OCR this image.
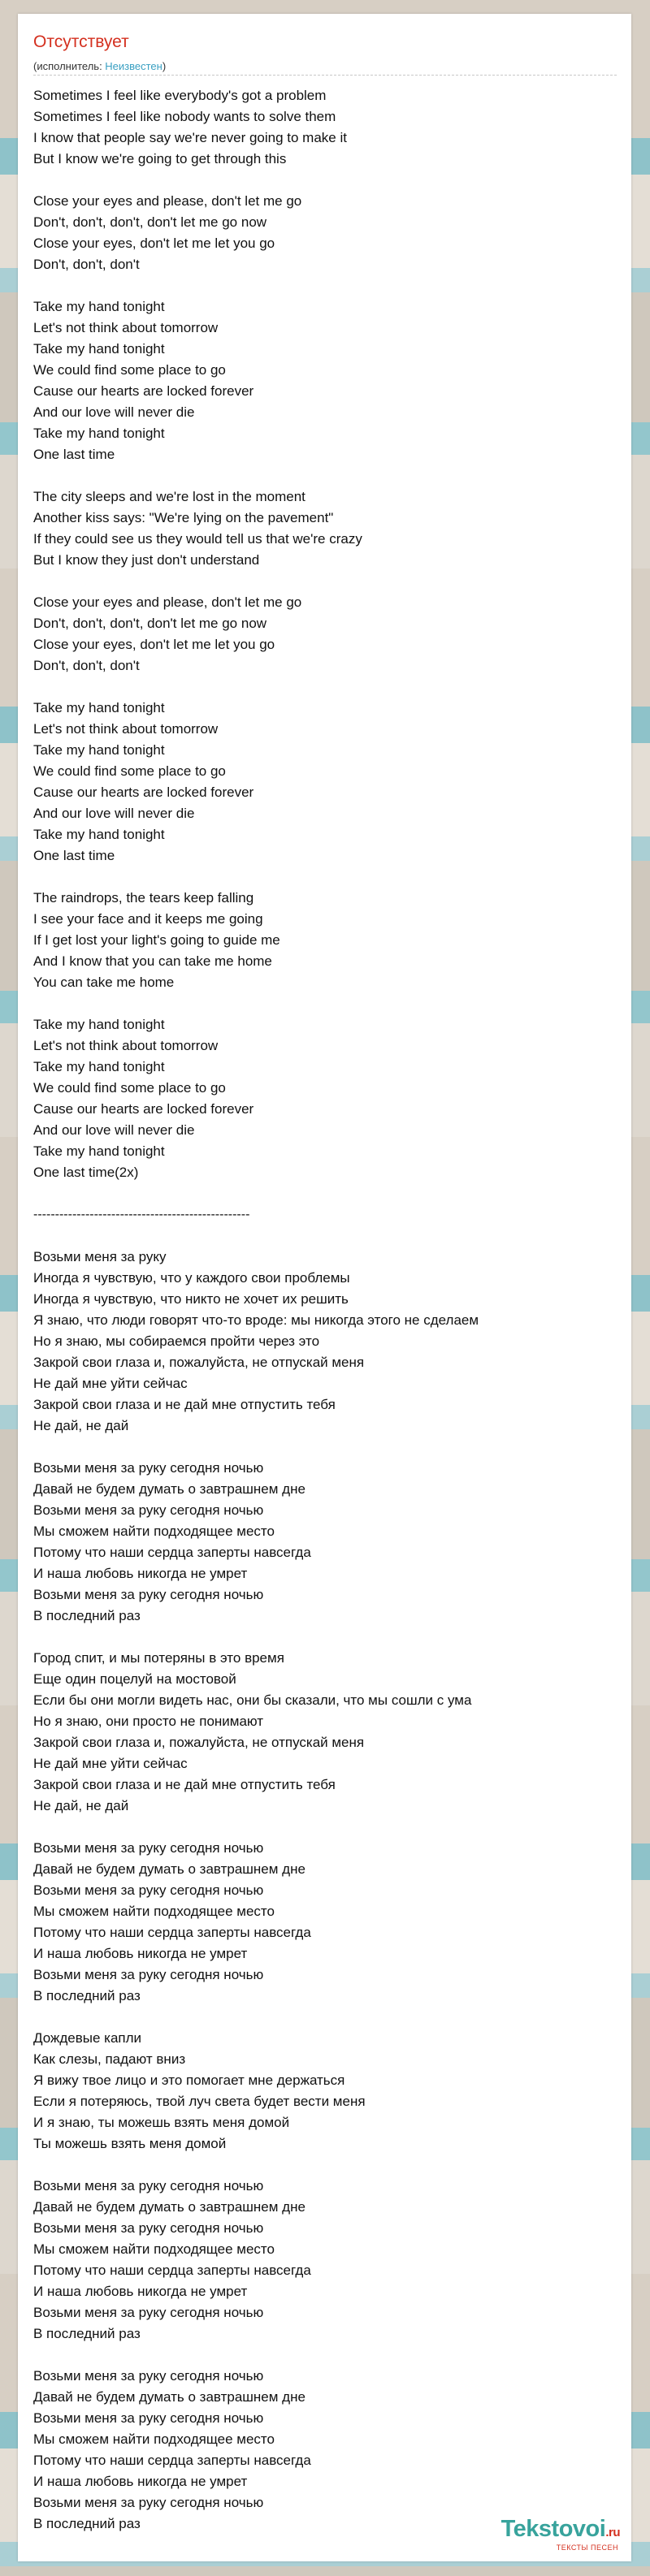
Отсутствует
(исполнитель: Неизвестен)
Sometimes I feel like everybody's got a problem
Sometimes I feel like nobody wants to solve them
I know that people say we're never going to make it
But I know we're going to get through this
Close your eyes and please, don't let me go
Don't, don't, don't, don't let me go now
Close your eyes, don't let me let you go
Don't, don't, don't
Take my hand tonight
Let's not think about tomorrow
Take my hand tonight
We could find some place to go
Cause our hearts are locked forever
And our love will never die
Take my hand tonight
One last time
The city sleeps and we're lost in the moment
Another kiss says: "We're lying on the pavement"
If they could see us they would tell us that we're crazy
But I know they just don't understand
Close your eyes and please, don't let me go
Don't, don't, don't, don't let me go now
Close your eyes, don't let me let you go
Don't, don't, don't
Take my hand tonight
Let's not think about tomorrow
Take my hand tonight
We could find some place to go
Cause our hearts are locked forever
And our love will never die
Take my hand tonight
One last time
The raindrops, the tears keep falling
I see your face and it keeps me going
If I get lost your light's going to guide me
And I know that you can take me home
You can take me home
Take my hand tonight
Let's not think about tomorrow
Take my hand tonight
We could find some place to go
Cause our hearts are locked forever
And our love will never die
Take my hand tonight
One last time(2x)
--------------------------------------------------
Возьми меня за руку
Иногда я чувствую, что у каждого свои проблемы
Иногда я чувствую, что никто не хочет их решить
Я знаю, что люди говорят что-то вроде: мы никогда этого не сделаем
Но я знаю, мы собираемся пройти через это
Закрой свои глаза и, пожалуйста, не отпускай меня
Не дай мне уйти сейчас
Закрой свои глаза и не дай мне отпустить тебя
Не дай, не дай
Возьми меня за руку сегодня ночью
Давай не будем думать о завтрашнем дне
Возьми меня за руку сегодня ночью
Мы сможем найти подходящее место
Потому что наши сердца заперты навсегда
И наша любовь никогда не умрет
Возьми меня за руку сегодня ночью
В последний раз
Город спит, и мы потеряны в это время
Еще один поцелуй на мостовой
Если бы они могли видеть нас, они бы сказали, что мы сошли с ума
Но я знаю, они просто не понимают
Закрой свои глаза и, пожалуйста, не отпускай меня
Не дай мне уйти сейчас
Закрой свои глаза и не дай мне отпустить тебя
Не дай, не дай
Возьми меня за руку сегодня ночью
Давай не будем думать о завтрашнем дне
Возьми меня за руку сегодня ночью
Мы сможем найти подходящее место
Потому что наши сердца заперты навсегда
И наша любовь никогда не умрет
Возьми меня за руку сегодня ночью
В последний раз
Дождевые капли
Как слезы, падают вниз
Я вижу твое лицо и это помогает мне держаться
Если я потеряюсь, твой луч света будет вести меня
И я знаю, ты можешь взять меня домой
Ты можешь взять меня домой
Возьми меня за руку сегодня ночью
Давай не будем думать о завтрашнем дне
Возьми меня за руку сегодня ночью
Мы сможем найти подходящее место
Потому что наши сердца заперты навсегда
И наша любовь никогда не умрет
Возьми меня за руку сегодня ночью
В последний раз
Возьми меня за руку сегодня ночью
Давай не будем думать о завтрашнем дне
Возьми меня за руку сегодня ночью
Мы сможем найти подходящее место
Потому что наши сердца заперты навсегда
И наша любовь никогда не умрет
Возьми меня за руку сегодня ночью
В последний раз	Tekstovoi.ru
ТЕКСТЫ ПЕСЕН
